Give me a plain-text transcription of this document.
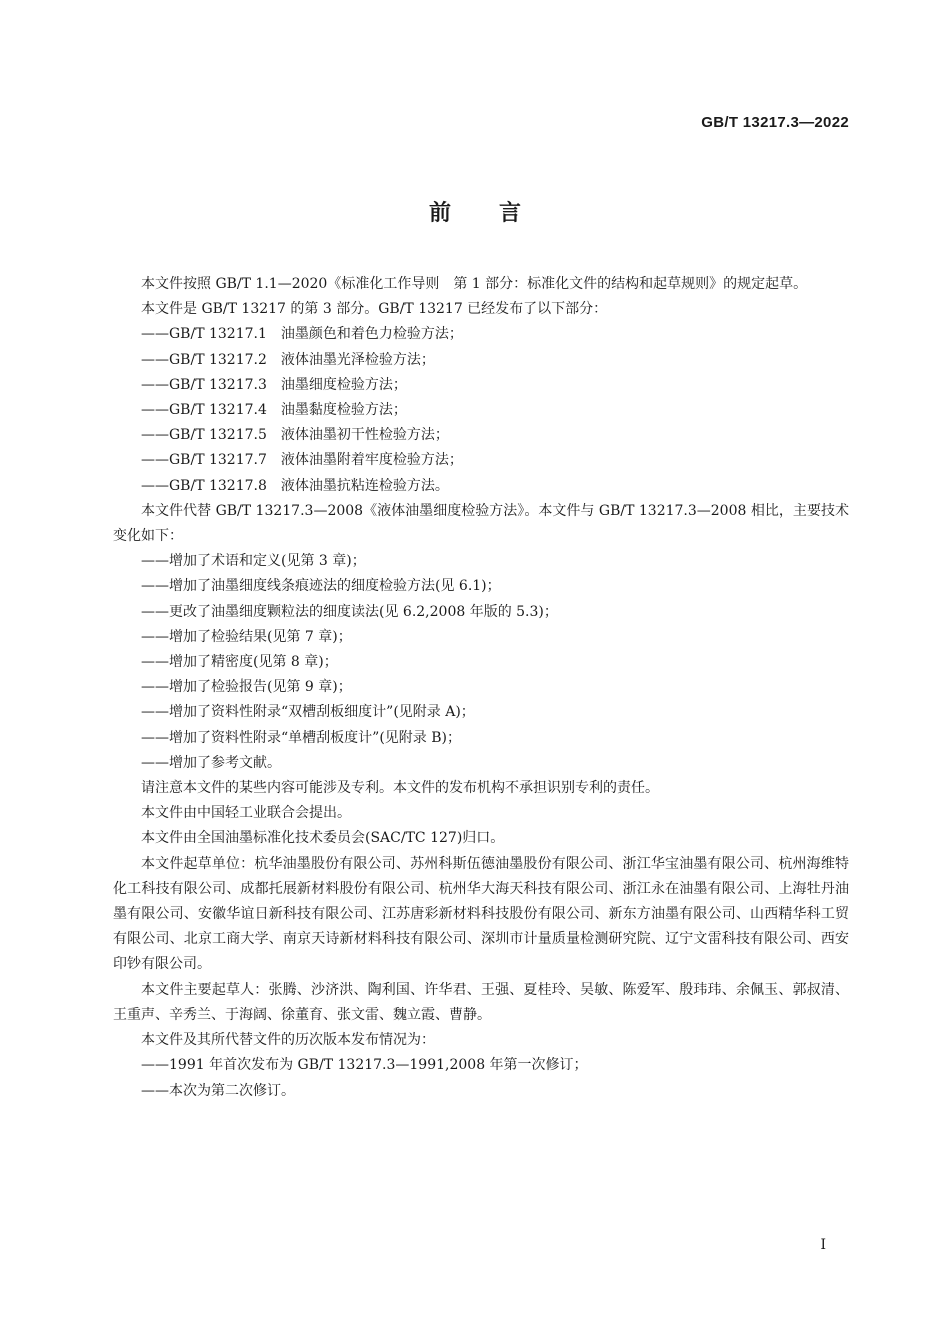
GB/T 13217.3—2022
前 言

本文件按照 GB/T 1.1—2020《标准化工作导则　第 1 部分：标准化文件的结构和起草规则》的规定起草。

本文件是 GB/T 13217 的第 3 部分。GB/T 13217 已经发布了以下部分：

——GB/T 13217.1　油墨颜色和着色力检验方法；

——GB/T 13217.2　液体油墨光泽检验方法；

——GB/T 13217.3　油墨细度检验方法；

——GB/T 13217.4　油墨黏度检验方法；

——GB/T 13217.5　液体油墨初干性检验方法；

——GB/T 13217.7　液体油墨附着牢度检验方法；

——GB/T 13217.8　液体油墨抗粘连检验方法。

本文件代替 GB/T 13217.3—2008《液体油墨细度检验方法》。本文件与 GB/T 13217.3—2008 相比，主要技术变化如下：

——增加了术语和定义(见第 3 章)；

——增加了油墨细度线条痕迹法的细度检验方法(见 6.1)；

——更改了油墨细度颗粒法的细度读法(见 6.2,2008 年版的 5.3)；

——增加了检验结果(见第 7 章)；

——增加了精密度(见第 8 章)；

——增加了检验报告(见第 9 章)；

——增加了资料性附录“双槽刮板细度计”(见附录 A)；

——增加了资料性附录“单槽刮板度计”(见附录 B)；

——增加了参考文献。

请注意本文件的某些内容可能涉及专利。本文件的发布机构不承担识别专利的责任。

本文件由中国轻工业联合会提出。

本文件由全国油墨标准化技术委员会(SAC/TC 127)归口。

本文件起草单位：杭华油墨股份有限公司、苏州科斯伍德油墨股份有限公司、浙江华宝油墨有限公司、杭州海维特化工科技有限公司、成都托展新材料股份有限公司、杭州华大海天科技有限公司、浙江永在油墨有限公司、上海牡丹油墨有限公司、安徽华谊日新科技有限公司、江苏唐彩新材料科技股份有限公司、新东方油墨有限公司、山西精华科工贸有限公司、北京工商大学、南京天诗新材料科技有限公司、深圳市计量质量检测研究院、辽宁文雷科技有限公司、西安印钞有限公司。

本文件主要起草人：张腾、沙济洪、陶利国、许华君、王强、夏桂玲、吴敏、陈爱军、殷玮玮、余佩玉、郭叔清、王重声、辛秀兰、于海阔、徐董育、张文雷、魏立霞、曹静。

本文件及其所代替文件的历次版本发布情况为：

——1991 年首次发布为 GB/T 13217.3—1991,2008 年第一次修订；

——本次为第二次修订。

I
